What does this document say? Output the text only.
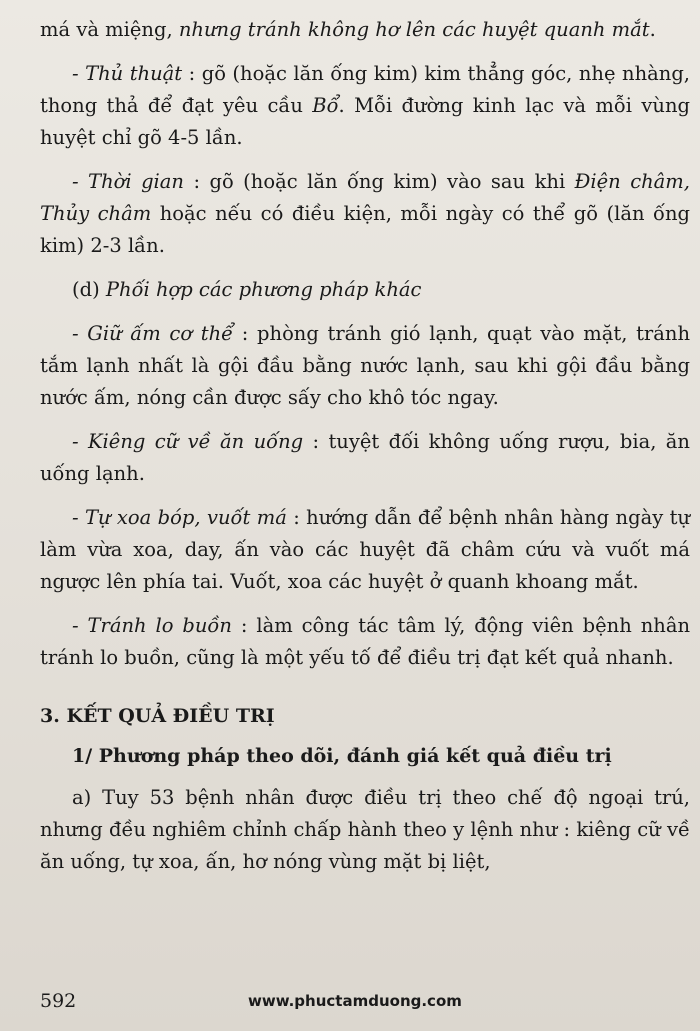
má và miệng, nhưng tránh không hơ lên các huyệt quanh mắt.

- Thủ thuật : gõ (hoặc lăn ống kim) kim thẳng góc, nhẹ nhàng, thong thả để đạt yêu cầu Bổ. Mỗi đường kinh lạc và mỗi vùng huyệt chỉ gõ 4-5 lần.

- Thời gian : gõ (hoặc lăn ống kim) vào sau khi Điện châm, Thủy châm hoặc nếu có điều kiện, mỗi ngày có thể gõ (lăn ống kim) 2-3 lần.

(d) Phối hợp các phương pháp khác

- Giữ ấm cơ thể : phòng tránh gió lạnh, quạt vào mặt, tránh tắm lạnh nhất là gội đầu bằng nước lạnh, sau khi gội đầu bằng nước ấm, nóng cần được sấy cho khô tóc ngay.

- Kiêng cữ về ăn uống : tuyệt đối không uống rượu, bia, ăn uống lạnh.

- Tự xoa bóp, vuốt má : hướng dẫn để bệnh nhân hàng ngày tự làm vừa xoa, day, ấn vào các huyệt đã châm cứu và vuốt má ngược lên phía tai. Vuốt, xoa các huyệt ở quanh khoang mắt.

- Tránh lo buồn : làm công tác tâm lý, động viên bệnh nhân tránh lo buồn, cũng là một yếu tố để điều trị đạt kết quả nhanh.

3. KẾT QUẢ ĐIỀU TRỊ
1/ Phương pháp theo dõi, đánh giá kết quả điều trị

a) Tuy 53 bệnh nhân được điều trị theo chế độ ngoại trú, nhưng đều nghiêm chỉnh chấp hành theo y lệnh như : kiêng cữ về ăn uống, tự xoa, ấn, hơ nóng vùng mặt bị liệt,

592	www.phuctamduong.com
